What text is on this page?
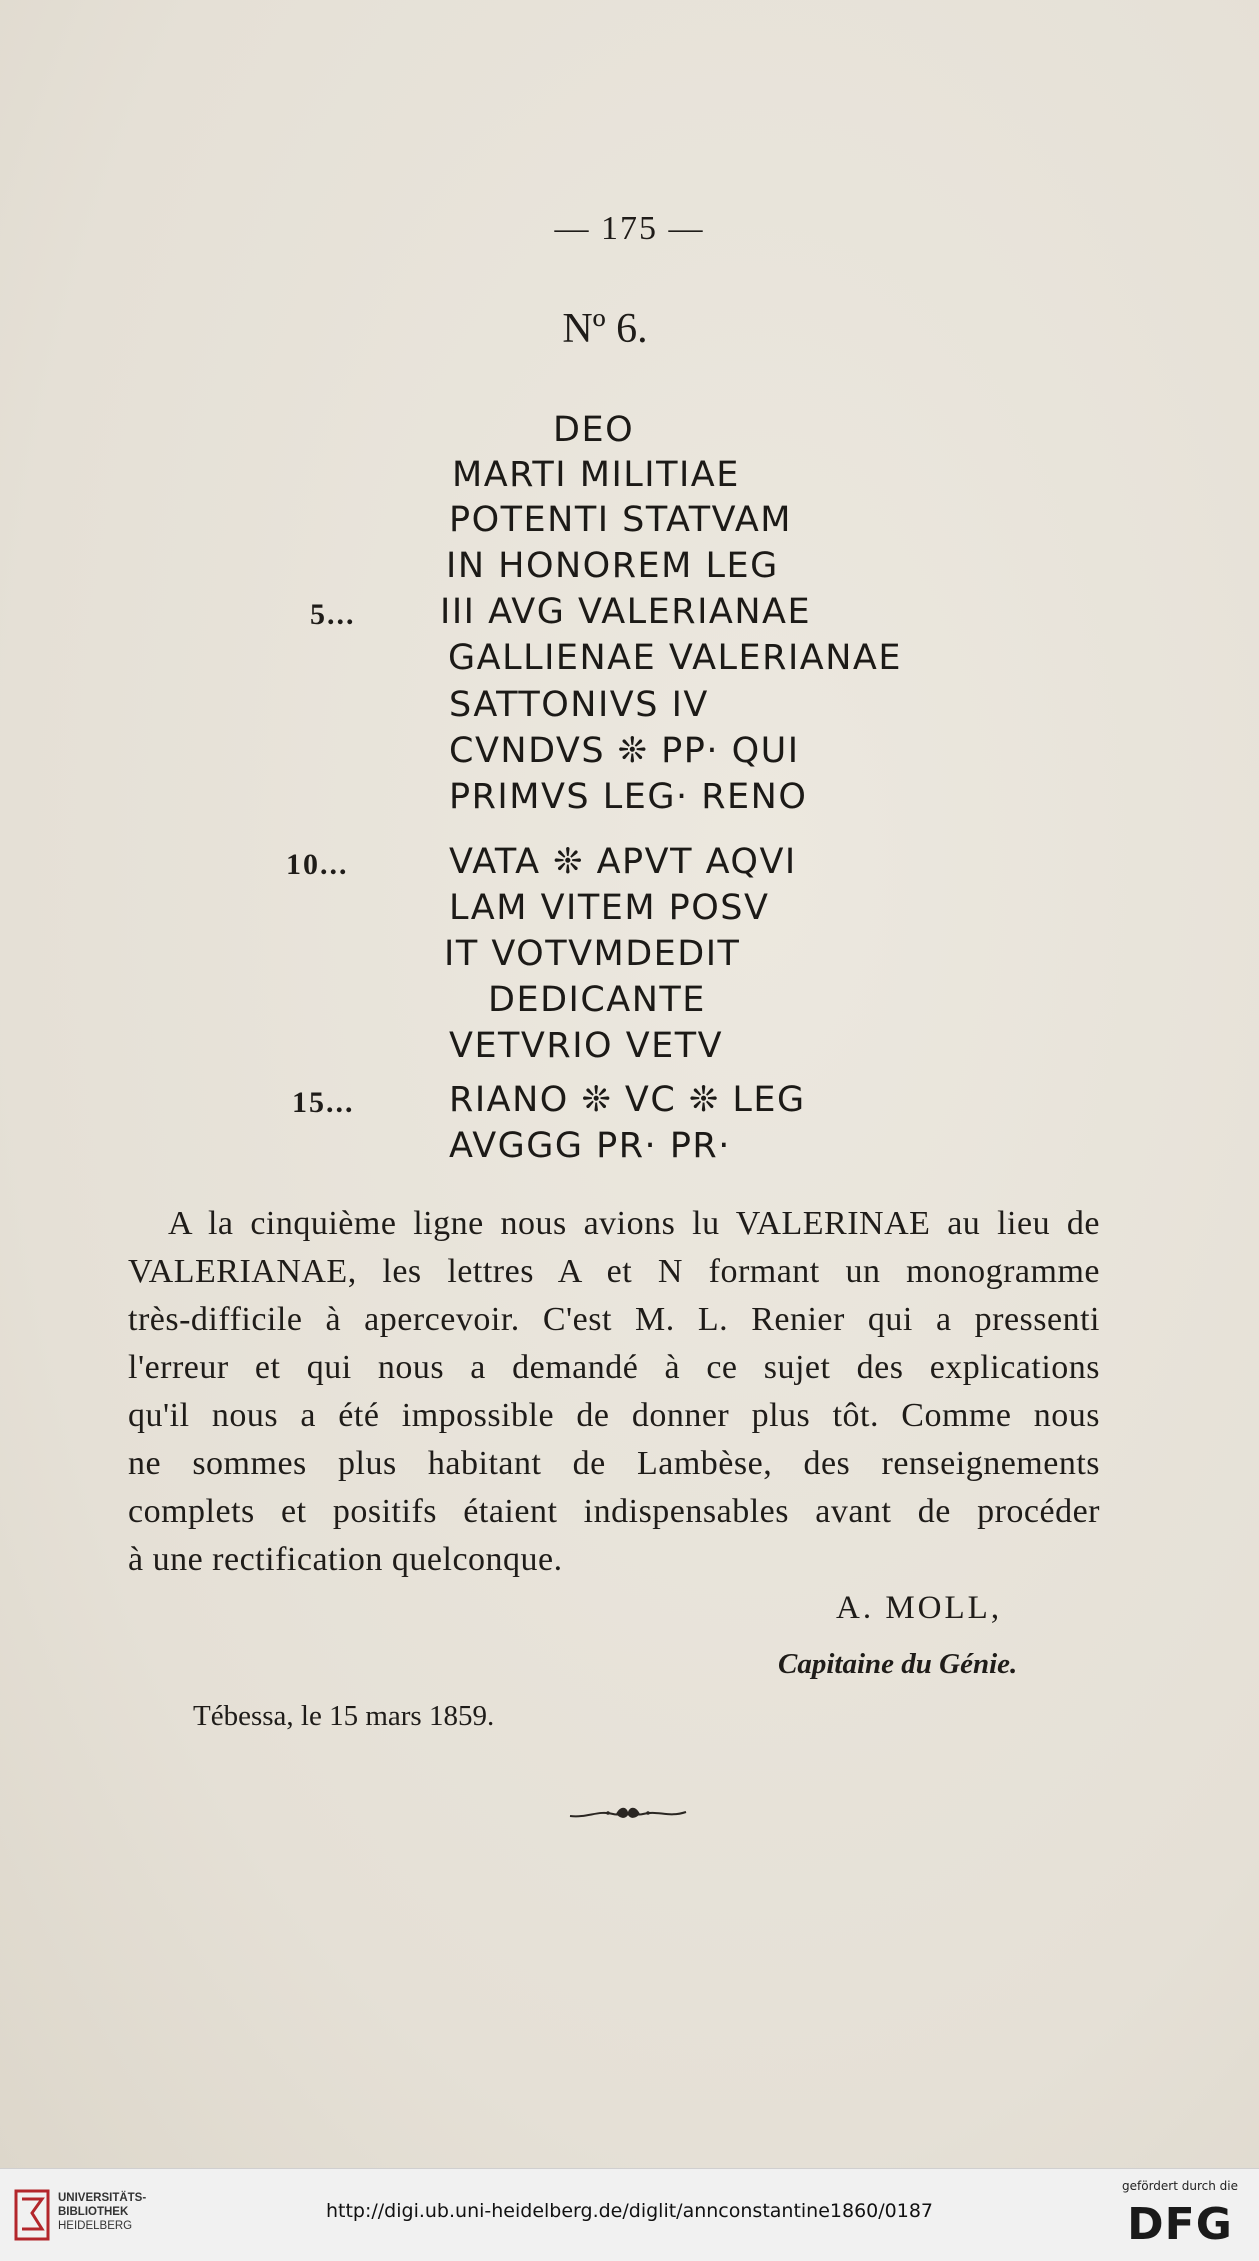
— 175 —
Nº 6.
DEO
MARTI MILITIAE
POTENTI STATVAM
IN HONOREM LEG
5... III AVG VALERIANAE
GALLIENAE VALERIANAE
SATTONIVS IV
CVNDVS ❊ PP· QUI
PRIMVS LEG· RENO
10...	VATA ❊ APVT AQVI
LAM VITEM POSV
IT VOTVMDEDIT
DEDICANTE
VETVRIO VETV
15...	RIANO ❊ VC ❊ LEG
AVGGG PR· PR·
A la cinquième ligne nous avions lu VALERINAE au lieu de
VALERIANAE, les lettres A et N formant un monogramme
très-difficile à apercevoir. C'est M. L. Renier qui a pressenti
l'erreur et qui nous a demandé à ce sujet des explications
qu'il nous a été impossible de donner plus tôt. Comme nous
ne sommes plus habitant de Lambèse, des renseignements
complets et positifs étaient indispensables avant de procéder
à une rectification quelconque.
A. MOLL,
Capitaine du Génie.
Tébessa, le 15 mars 1859.
UNIVERSITÄTS-
BIBLIOTHEK
HEIDELBERG
http://digi.ub.uni-heidelberg.de/diglit/annconstantine1860/0187
gefördert durch die
DFG
